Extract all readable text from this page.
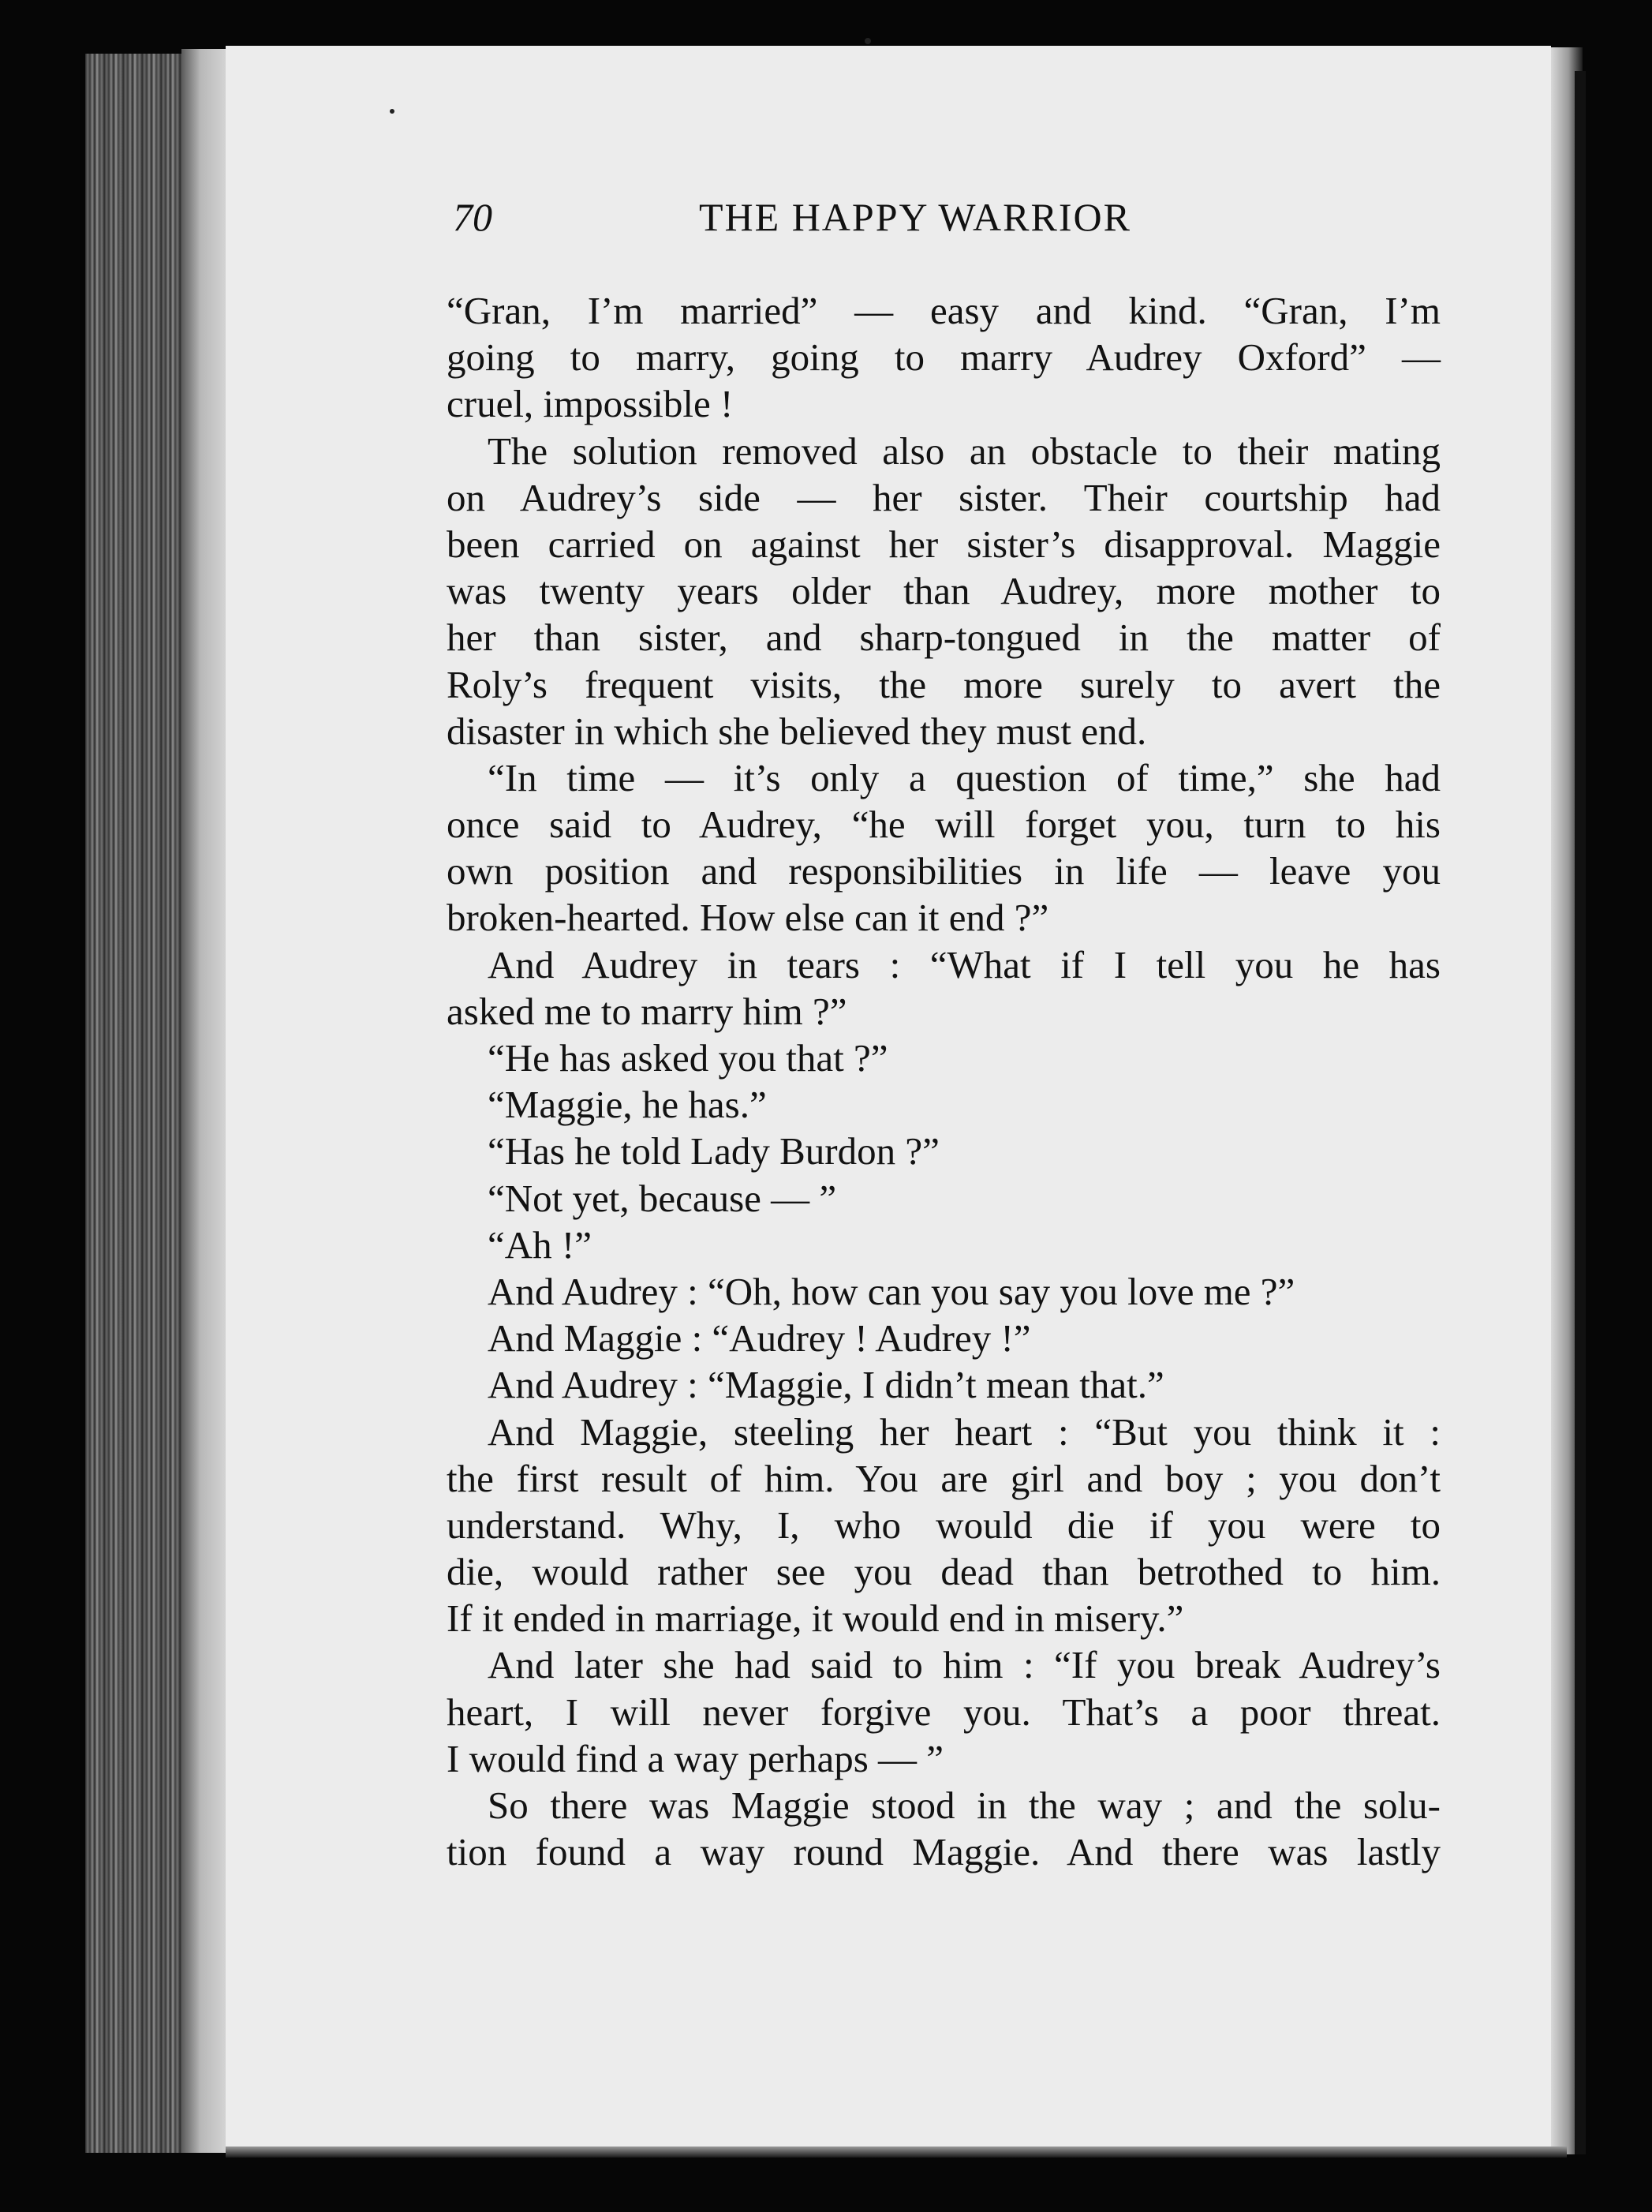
70	THE HAPPY WARRIOR
“Gran, I’m married” — easy and kind. “Gran, I’m
going to marry, going to marry Audrey Oxford” —
cruel, impossible !
The solution removed also an obstacle to their mating
on Audrey’s side — her sister. Their courtship had
been carried on against her sister’s disapproval. Maggie
was twenty years older than Audrey, more mother to
her than sister, and sharp-tongued in the matter of
Roly’s frequent visits, the more surely to avert the
disaster in which she believed they must end.
“In time — it’s only a question of time,” she had
once said to Audrey, “he will forget you, turn to his
own position and responsibilities in life — leave you
broken-hearted. How else can it end ?”
And Audrey in tears : “What if I tell you he has
asked me to marry him ?”
“He has asked you that ?”
“Maggie, he has.”
“Has he told Lady Burdon ?”
“Not yet, because — ”
“Ah !”
And Audrey : “Oh, how can you say you love me ?”
And Maggie : “Audrey ! Audrey !”
And Audrey : “Maggie, I didn’t mean that.”
And Maggie, steeling her heart : “But you think it :
the first result of him. You are girl and boy ; you don’t
understand. Why, I, who would die if you were to
die, would rather see you dead than betrothed to him.
If it ended in marriage, it would end in misery.”
And later she had said to him : “If you break Audrey’s
heart, I will never forgive you. That’s a poor threat.
I would find a way perhaps — ”
So there was Maggie stood in the way ; and the solu-
tion found a way round Maggie. And there was lastly
